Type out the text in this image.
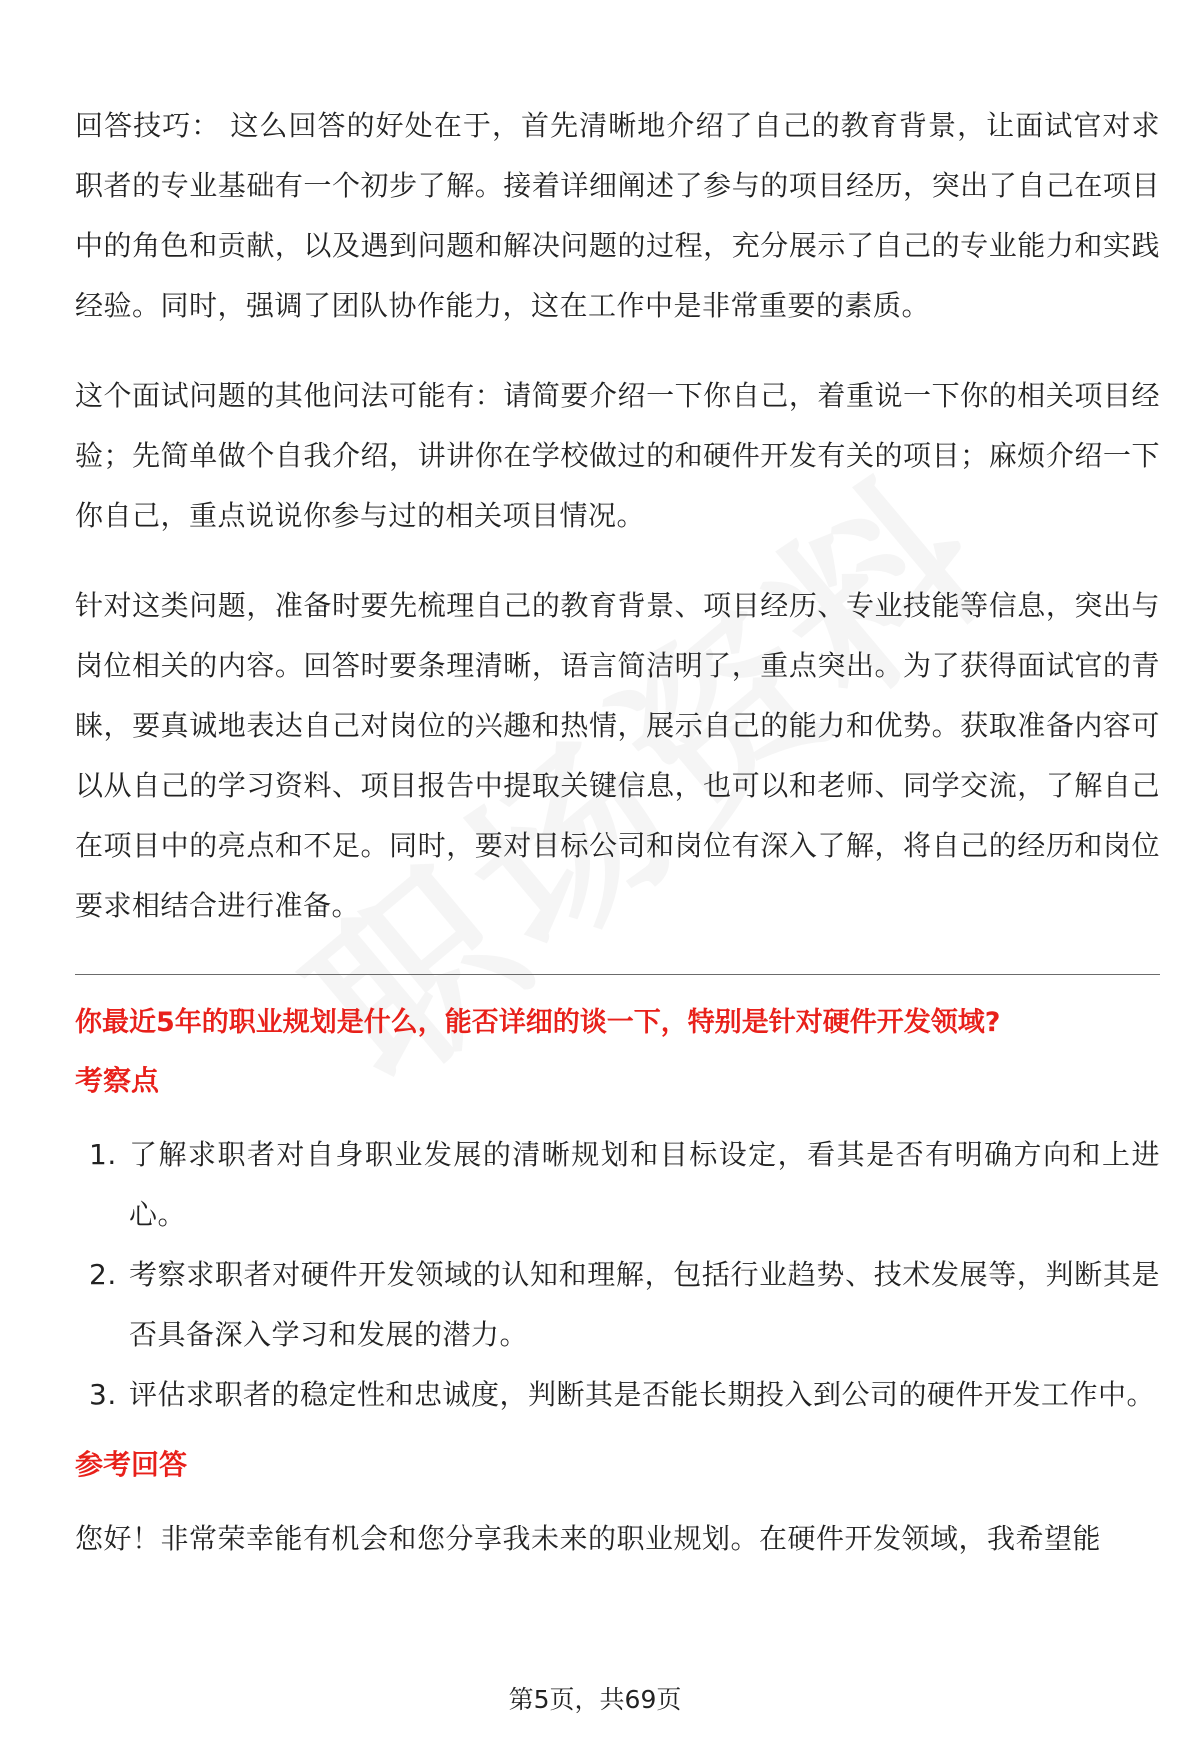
回答技巧： 这么回答的好处在于，首先清晰地介绍了自己的教育背景，让面试官对求职者的专业基础有一个初步了解。接着详细阐述了参与的项目经历，突出了自己在项目中的角色和贡献，以及遇到问题和解决问题的过程，充分展示了自己的专业能力和实践经验。同时，强调了团队协作能力，这在工作中是非常重要的素质。

这个面试问题的其他问法可能有：请简要介绍一下你自己，着重说一下你的相关项目经验；先简单做个自我介绍，讲讲你在学校做过的和硬件开发有关的项目；麻烦介绍一下你自己，重点说说你参与过的相关项目情况。

针对这类问题，准备时要先梳理自己的教育背景、项目经历、专业技能等信息，突出与岗位相关的内容。回答时要条理清晰，语言简洁明了，重点突出。为了获得面试官的青睐，要真诚地表达自己对岗位的兴趣和热情，展示自己的能力和优势。获取准备内容可以从自己的学习资料、项目报告中提取关键信息，也可以和老师、同学交流，了解自己在项目中的亮点和不足。同时，要对目标公司和岗位有深入了解，将自己的经历和岗位要求相结合进行准备。

你最近5年的职业规划是什么，能否详细的谈一下，特别是针对硬件开发领域?
考察点
1. 了解求职者对自身职业发展的清晰规划和目标设定，看其是否有明确方向和上进心。
2. 考察求职者对硬件开发领域的认知和理解，包括行业趋势、技术发展等，判断其是否具备深入学习和发展的潜力。
3. 评估求职者的稳定性和忠诚度，判断其是否能长期投入到公司的硬件开发工作中。
参考回答

您好！非常荣幸能有机会和您分享我未来的职业规划。在硬件开发领域，我希望能

第5页，共69页
